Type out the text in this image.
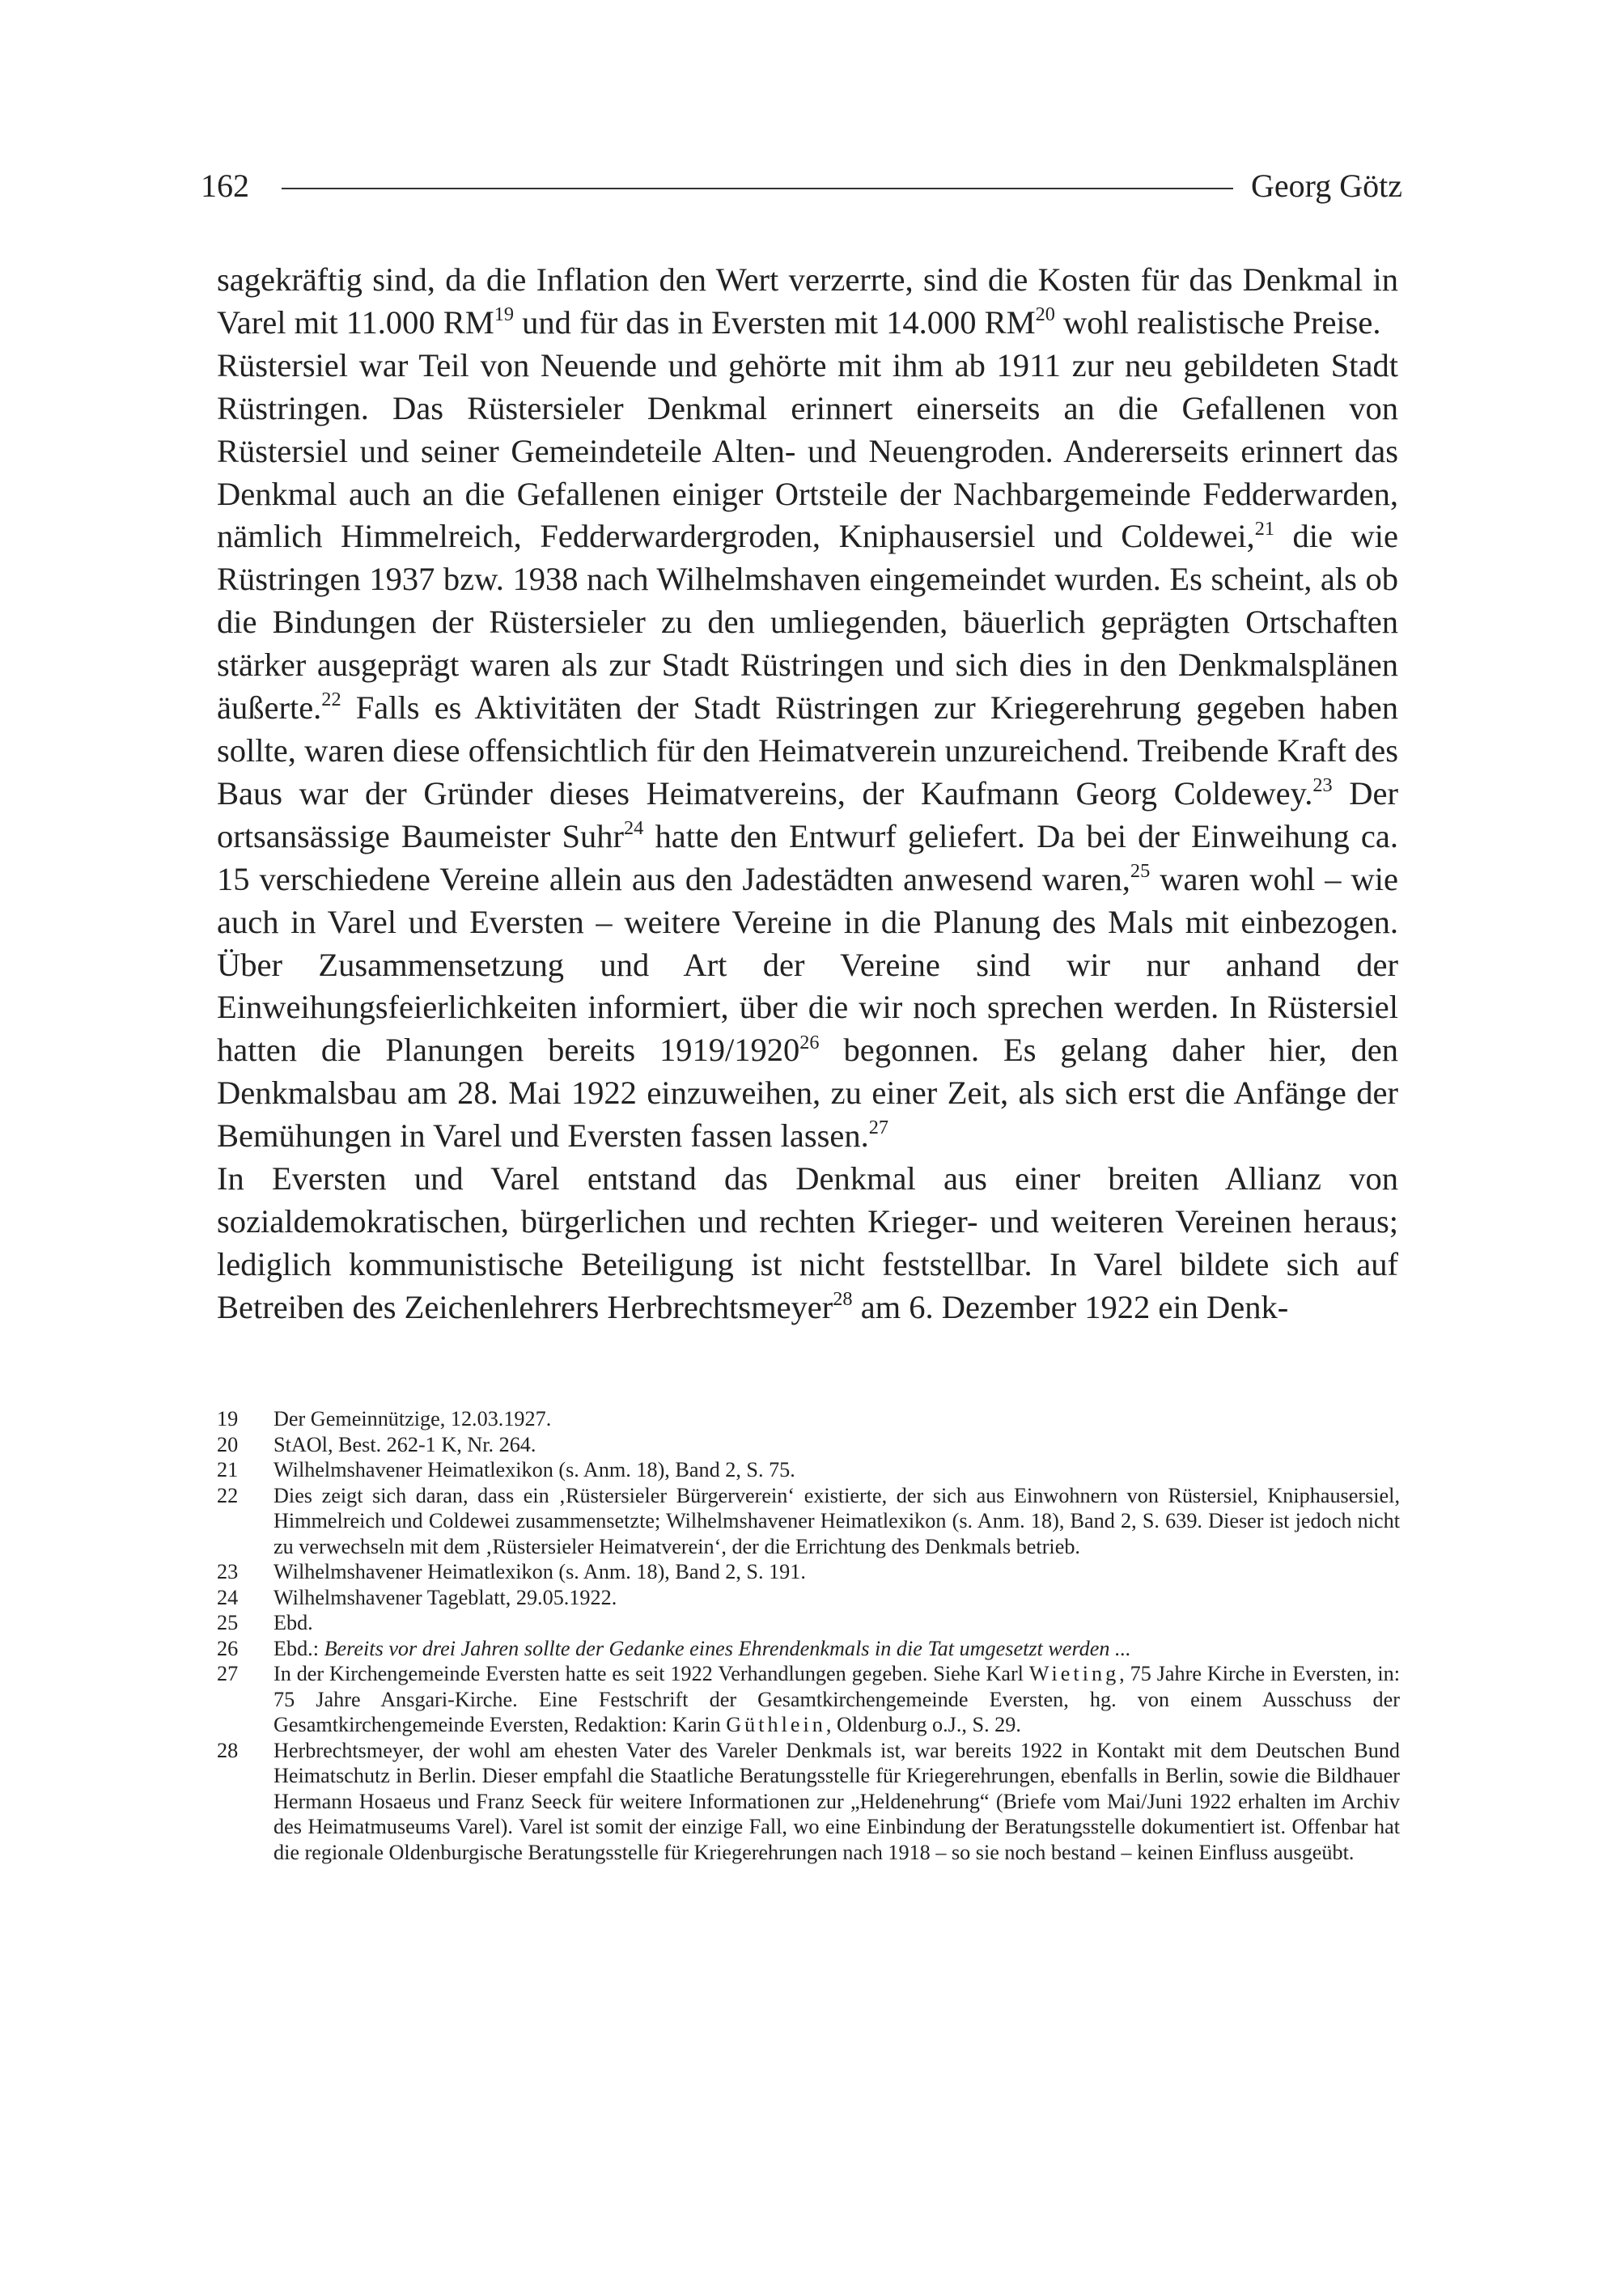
162	Georg Götz

sagekräftig sind, da die Inflation den Wert verzerrte, sind die Kosten für das Denkmal in Varel mit 11.000 RM$^{19}$ und für das in Eversten mit 14.000 RM$^{20}$ wohl realistische Preise.

Rüstersiel war Teil von Neuende und gehörte mit ihm ab 1911 zur neu gebildeten Stadt Rüstringen. Das Rüstersieler Denkmal erinnert einerseits an die Gefallenen von Rüstersiel und seiner Gemeindeteile Alten- und Neuengroden. Andererseits erinnert das Denkmal auch an die Gefallenen einiger Ortsteile der Nachbargemeinde Fedderwarden, nämlich Himmelreich, Fedderwardergroden, Kniphausersiel und Coldewei,$^{21}$ die wie Rüstringen 1937 bzw. 1938 nach Wilhelmshaven eingemeindet wurden. Es scheint, als ob die Bindungen der Rüstersieler zu den umliegenden, bäuerlich geprägten Ortschaften stärker ausgeprägt waren als zur Stadt Rüstringen und sich dies in den Denkmalsplänen äußerte.$^{22}$ Falls es Aktivitäten der Stadt Rüstringen zur Kriegerehrung gegeben haben sollte, waren diese offensichtlich für den Heimatverein unzureichend. Treibende Kraft des Baus war der Gründer dieses Heimatvereins, der Kaufmann Georg Coldewey.$^{23}$ Der ortsansässige Baumeister Suhr$^{24}$ hatte den Entwurf geliefert. Da bei der Einweihung ca. 15 verschiedene Vereine allein aus den Jadestädten anwesend waren,$^{25}$ waren wohl – wie auch in Varel und Eversten – weitere Vereine in die Planung des Mals mit einbezogen. Über Zusammensetzung und Art der Vereine sind wir nur anhand der Einweihungsfeierlichkeiten informiert, über die wir noch sprechen werden. In Rüstersiel hatten die Planungen bereits 1919/1920$^{26}$ begonnen. Es gelang daher hier, den Denkmalsbau am 28. Mai 1922 einzuweihen, zu einer Zeit, als sich erst die Anfänge der Bemühungen in Varel und Eversten fassen lassen.$^{27}$

In Eversten und Varel entstand das Denkmal aus einer breiten Allianz von sozialdemokratischen, bürgerlichen und rechten Krieger- und weiteren Vereinen heraus; lediglich kommunistische Beteiligung ist nicht feststellbar. In Varel bildete sich auf Betreiben des Zeichenlehrers Herbrechtsmeyer$^{28}$ am 6. Dezember 1922 ein Denk-

19	Der Gemeinnützige, 12.03.1927.
20	StAOl, Best. 262-1 K, Nr. 264.
21	Wilhelmshavener Heimatlexikon (s. Anm. 18), Band 2, S. 75.
22	Dies zeigt sich daran, dass ein ‚Rüstersieler Bürgerverein‘ existierte, der sich aus Einwohnern von Rüstersiel, Kniphausersiel, Himmelreich und Coldewei zusammensetzte; Wilhelmshavener Heimatlexikon (s. Anm. 18), Band 2, S. 639. Dieser ist jedoch nicht zu verwechseln mit dem ‚Rüstersieler Heimatverein‘, der die Errichtung des Denkmals betrieb.
23	Wilhelmshavener Heimatlexikon (s. Anm. 18), Band 2, S. 191.
24	Wilhelmshavener Tageblatt, 29.05.1922.
25	Ebd.
26	Ebd.: Bereits vor drei Jahren sollte der Gedanke eines Ehrendenkmals in die Tat umgesetzt werden ...
27	In der Kirchengemeinde Eversten hatte es seit 1922 Verhandlungen gegeben. Siehe Karl Wieting, 75 Jahre Kirche in Eversten, in: 75 Jahre Ansgari-Kirche. Eine Festschrift der Gesamtkirchengemeinde Eversten, hg. von einem Ausschuss der Gesamtkirchengemeinde Eversten, Redaktion: Karin Güthlein, Oldenburg o.J., S. 29.
28	Herbrechtsmeyer, der wohl am ehesten Vater des Vareler Denkmals ist, war bereits 1922 in Kontakt mit dem Deutschen Bund Heimatschutz in Berlin. Dieser empfahl die Staatliche Beratungsstelle für Kriegerehrungen, ebenfalls in Berlin, sowie die Bildhauer Hermann Hosaeus und Franz Seeck für weitere Informationen zur „Heldenehrung“ (Briefe vom Mai/Juni 1922 erhalten im Archiv des Heimatmuseums Varel). Varel ist somit der einzige Fall, wo eine Einbindung der Beratungsstelle dokumentiert ist. Offenbar hat die regionale Oldenburgische Beratungsstelle für Kriegerehrungen nach 1918 – so sie noch bestand – keinen Einfluss ausgeübt.
